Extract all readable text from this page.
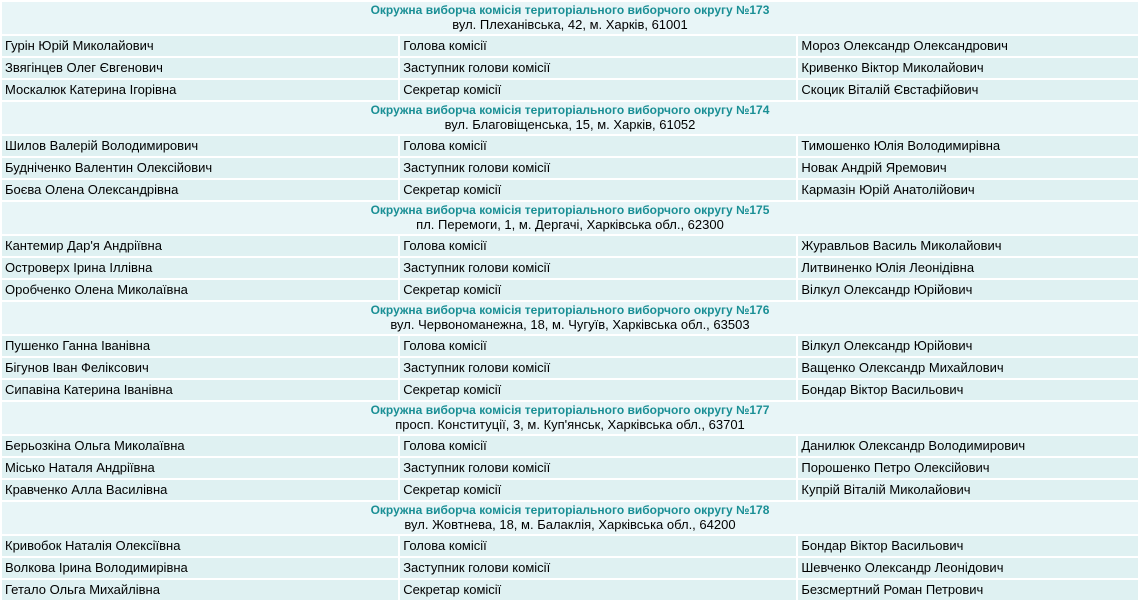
Окружна виборча комісія територіального виборчого округу №173
вул. Плеханівська, 42, м. Харків, 61001		

Гурін Юрій Миколайович	Голова комісії	Мороз Олександр Олександрович
Звягінцев Олег Євгенович	Заступник голови комісії	Кривенко Віктор Миколайович
Москалюк Катерина Ігорівна	Секретар комісії	Скоцик Віталій Євстафійович

Окружна виборча комісія територіального виборчого округу №174
вул. Благовіщенська, 15, м. Харків, 61052		

Шилов Валерій Володимирович	Голова комісії	Тимошенко Юлія Володимирівна
Будніченко Валентин Олексійович	Заступник голови комісії	Новак Андрій Яремович
Боєва Олена Олександрівна	Секретар комісії	Кармазін Юрій Анатолійович

Окружна виборча комісія територіального виборчого округу №175
пл. Перемоги, 1, м. Дергачі, Харківська обл., 62300		

Кантемир Дар'я Андріївна	Голова комісії	Журавльов Василь Миколайович
Островерх Ірина Іллівна	Заступник голови комісії	Литвиненко Юлія Леонідівна
Оробченко Олена Миколаївна	Секретар комісії	Вілкул Олександр Юрійович

Окружна виборча комісія територіального виборчого округу №176
вул. Червономанежна, 18, м. Чугуїв, Харківська обл., 63503		

Пушенко Ганна Іванівна	Голова комісії	Вілкул Олександр Юрійович
Бігунов Іван Феліксович	Заступник голови комісії	Ващенко Олександр Михайлович
Сипавіна Катерина Іванівна	Секретар комісії	Бондар Віктор Васильович

Окружна виборча комісія територіального виборчого округу №177
просп. Конституції, 3, м. Куп'янськ, Харківська обл., 63701		

Берьозкіна Ольга Миколаївна	Голова комісії	Данилюк Олександр Володимирович
Місько Наталя Андріївна	Заступник голови комісії	Порошенко Петро Олексійович
Кравченко Алла Василівна	Секретар комісії	Купрій Віталій Миколайович

Окружна виборча комісія територіального виборчого округу №178
вул. Жовтнева, 18, м. Балаклія, Харківська обл., 64200		

Кривобок Наталія Олексіївна	Голова комісії	Бондар Віктор Васильович
Волкова Ірина Володимирівна	Заступник голови комісії	Шевченко Олександр Леонідович
Гетало Ольга Михайлівна	Секретар комісії	Безсмертний Роман Петрович
